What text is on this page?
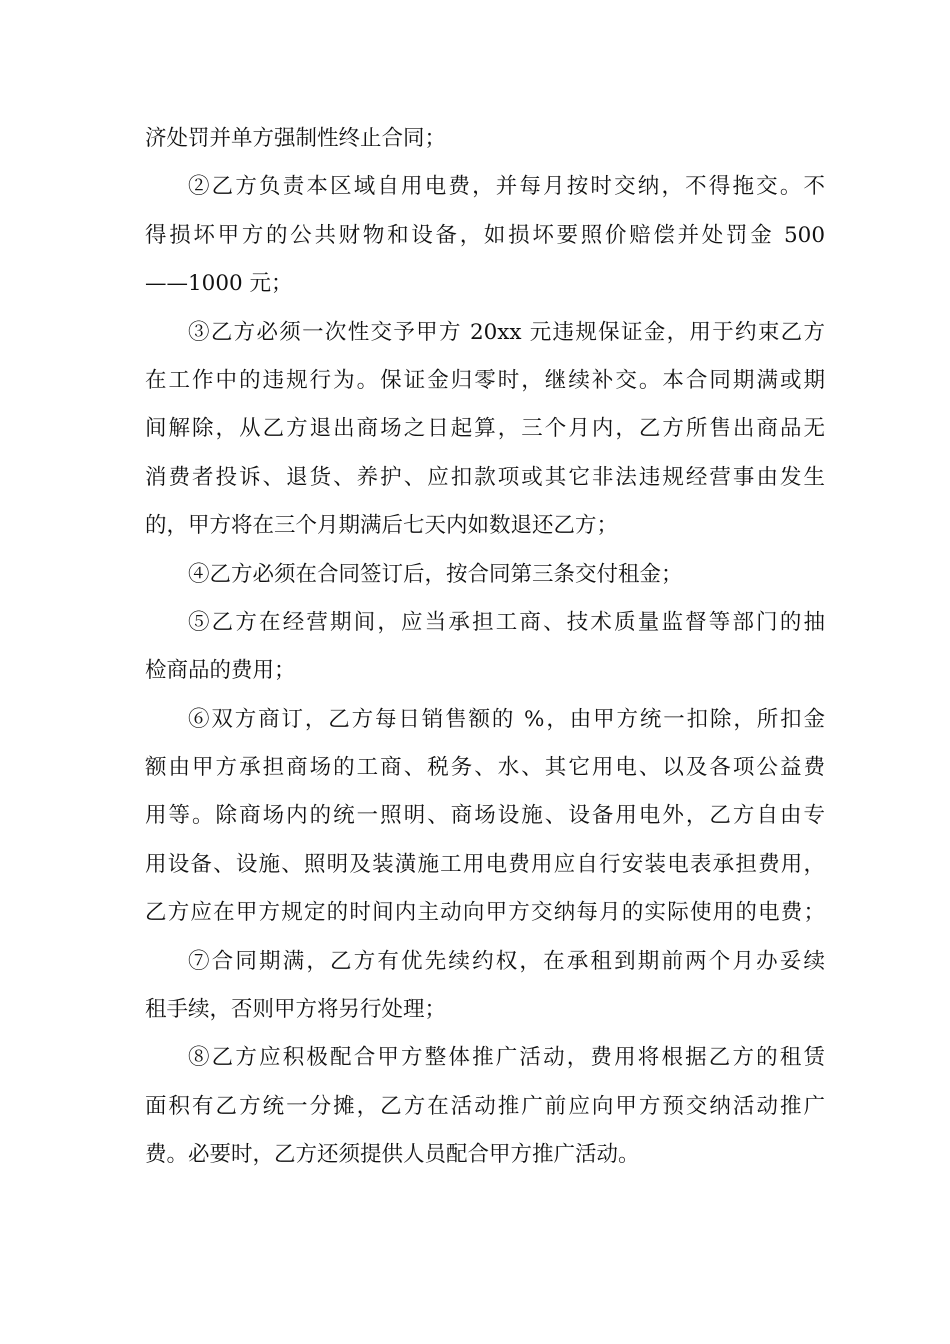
济处罚并单方强制性终止合同；
②乙方负责本区域自用电费，并每月按时交纳，不得拖交。不
得损坏甲方的公共财物和设备，如损坏要照价赔偿并处罚金 500
——1000 元；
③乙方必须一次性交予甲方 20xx 元违规保证金，用于约束乙方
在工作中的违规行为。保证金归零时，继续补交。本合同期满或期
间解除，从乙方退出商场之日起算，三个月内，乙方所售出商品无
消费者投诉、退货、养护、应扣款项或其它非法违规经营事由发生
的，甲方将在三个月期满后七天内如数退还乙方；
④乙方必须在合同签订后，按合同第三条交付租金；
⑤乙方在经营期间，应当承担工商、技术质量监督等部门的抽
检商品的费用；
⑥双方商订，乙方每日销售额的 %，由甲方统一扣除，所扣金
额由甲方承担商场的工商、税务、水、其它用电、以及各项公益费
用等。除商场内的统一照明、商场设施、设备用电外，乙方自由专
用设备、设施、照明及装潢施工用电费用应自行安装电表承担费用，
乙方应在甲方规定的时间内主动向甲方交纳每月的实际使用的电费；
⑦合同期满，乙方有优先续约权，在承租到期前两个月办妥续
租手续，否则甲方将另行处理；
⑧乙方应积极配合甲方整体推广活动，费用将根据乙方的租赁
面积有乙方统一分摊，乙方在活动推广前应向甲方预交纳活动推广
费。必要时，乙方还须提供人员配合甲方推广活动。
